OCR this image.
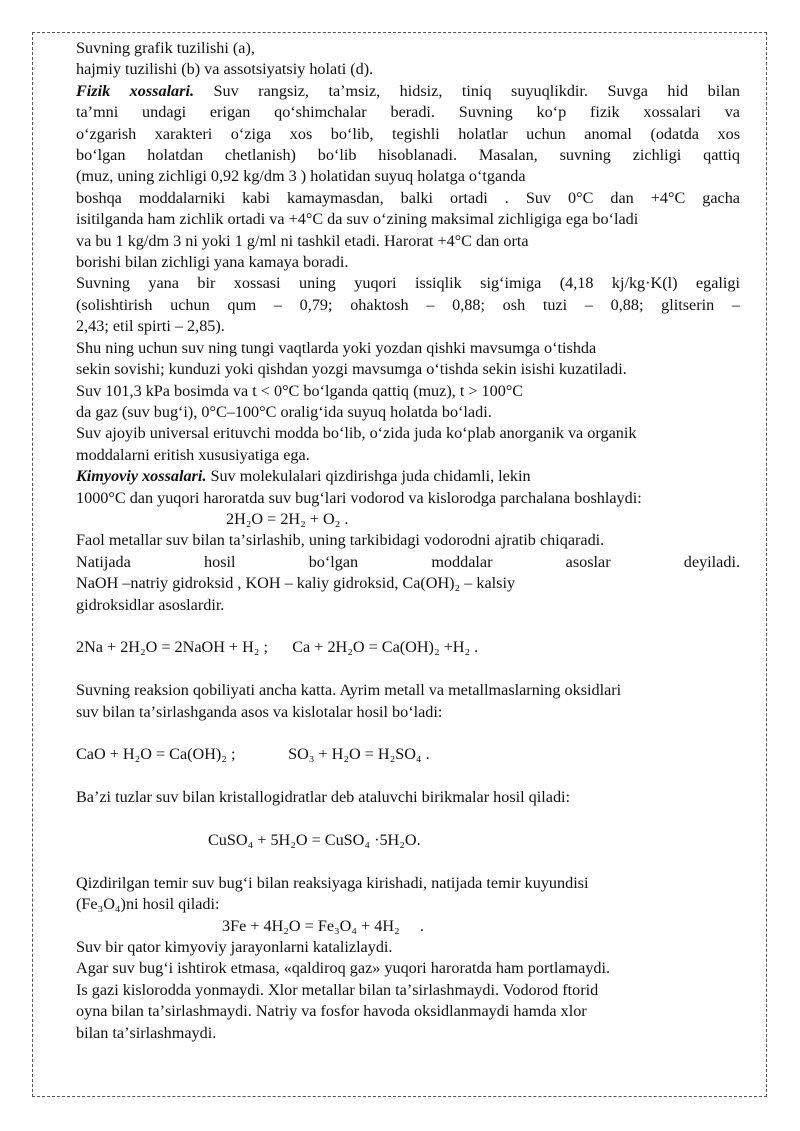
Suvning grafik tuzilishi (a),

hajmiy tuzilishi (b) va assotsiyatsiy holati (d).

Fizik xossalari. Suv rangsiz, taʼmsiz, hidsiz, tiniq suyuqlikdir. Suvga hid bilan

taʼmni undagi erigan qoʻshimchalar beradi. Suvning koʻp fizik xossalari va

oʻzgarish xarakteri oʻziga xos boʻlib, tegishli holatlar uchun anomal (odatda xos

boʻlgan holatdan chetlanish) boʻlib hisoblanadi. Masalan, suvning zichligi qattiq

(muz, uning zichligi 0,92 kg/dm 3 ) holatidan suyuq holatga oʻtganda

boshqa moddalarniki kabi kamaymasdan, balki ortadi . Suv 0°C dan +4°C gacha

isitilganda ham zichlik ortadi va +4°C da suv oʻzining maksimal zichligiga ega boʻladi

va bu 1 kg/dm 3 ni yoki 1 g/ml ni tashkil etadi. Harorat +4°C dan orta

borishi bilan zichligi yana kamaya boradi.

Suvning yana bir xossasi uning yuqori issiqlik sigʻimiga (4,18 kj/kg·K(l) egaligi

(solishtirish uchun qum – 0,79; ohaktosh – 0,88; osh tuzi – 0,88; glitserin –

2,43; etil spirti – 2,85).

Shu ning uchun suv ning tungi vaqtlarda yoki yozdan qishki mavsumga oʻtishda

sekin sovishi; kunduzi yoki qishdan yozgi mavsumga oʻtishda sekin isishi kuzatiladi.

Suv 101,3 kPa bosimda va t < 0°C boʻlganda qattiq (muz), t > 100°C

da gaz (suv bugʻi), 0°C–100°C oraligʻida suyuq holatda boʻladi.

Suv ajoyib universal erituvchi modda boʻlib, oʻzida juda koʻplab anorganik va organik

moddalarni eritish xususiyatiga ega.

Kimyoviy xossalari. Suv molekulalari qizdirishga juda chidamli, lekin

1000°C dan yuqori haroratda suv bugʻlari vodorod va kislorodga parchalana boshlaydi:

2H₂O = 2H₂ + O₂ .

Faol metallar suv bilan taʼsirlashib, uning tarkibidagi vodorodni ajratib chiqaradi.

Natijada hosil boʻlgan moddalar asoslar deyiladi.

NaOH –natriy gidroksid , KOH – kaliy gidroksid, Ca(OH)₂ – kalsiy

gidroksidlar asoslardir.

2Na + 2H₂O = 2NaOH + H₂ ;      Ca + 2H₂O = Ca(OH)₂ +H₂ .

Suvning reaksion qobiliyati ancha katta. Ayrim metall va metallmaslarning oksidlari

suv bilan taʼsirlashganda asos va kislotalar hosil boʻladi:

CaO + H₂O = Ca(OH)₂ ;             SO₃ + H₂O = H₂SO₄ .

Baʼzi tuzlar suv bilan kristallogidratlar deb ataluvchi birikmalar hosil qiladi:

CuSO₄ + 5H₂O = CuSO₄ ·5H₂O.

Qizdirilgan temir suv bugʻi bilan reaksiyaga kirishadi, natijada temir kuyundisi

(Fe₃O₄)ni hosil qiladi:

3Fe + 4H₂O = Fe₃O₄ + 4H₂     .

Suv bir qator kimyoviy jarayonlarni katalizlaydi.

Agar suv bugʻi ishtirok etmasa, «qaldiroq gaz» yuqori haroratda ham portlamaydi.

Is gazi kislorodda yonmaydi. Xlor metallar bilan taʼsirlashmaydi. Vodorod ftorid

oyna bilan taʼsirlashmaydi. Natriy va fosfor havoda oksidlanmaydi hamda xlor

bilan taʼsirlashmaydi.
